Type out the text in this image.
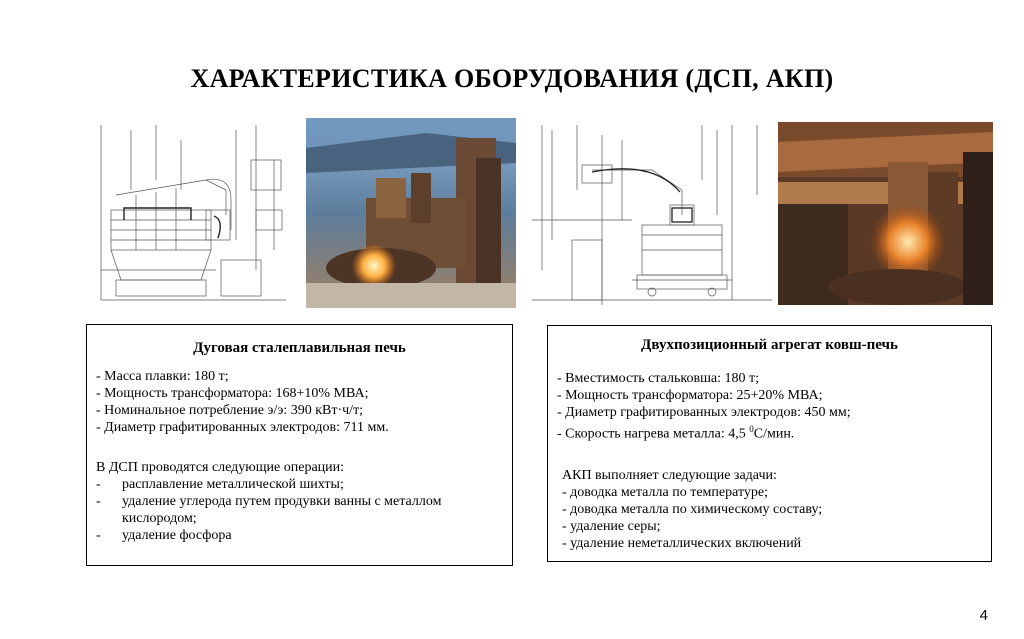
ХАРАКТЕРИСТИКА ОБОРУДОВАНИЯ (ДСП, АКП)
Дуговая сталеплавильная печь
- Масса плавки: 180 т;
- Мощность трансформатора: 168+10% МВА;
- Номинальное потребление э/э: 390 кВт·ч/т;
- Диаметр графитированных электродов: 711 мм.
В ДСП проводятся следующие операции:
-	расплавление металлической шихты;
-	удаление углерода путем продувки ванны с металлом кислородом;
-	удаление фосфора
Двухпозиционный агрегат ковш-печь
- Вместимость стальковша: 180 т;
- Мощность трансформатора: 25+20% МВА;
- Диаметр графитированных электродов: 450 мм;
- Скорость нагрева металла: 4,5 $^0$С/мин.
АКП выполняет следующие задачи:
- доводка металла по температуре;
- доводка металла по химическому составу;
- удаление серы;
- удаление неметаллических включений
4
